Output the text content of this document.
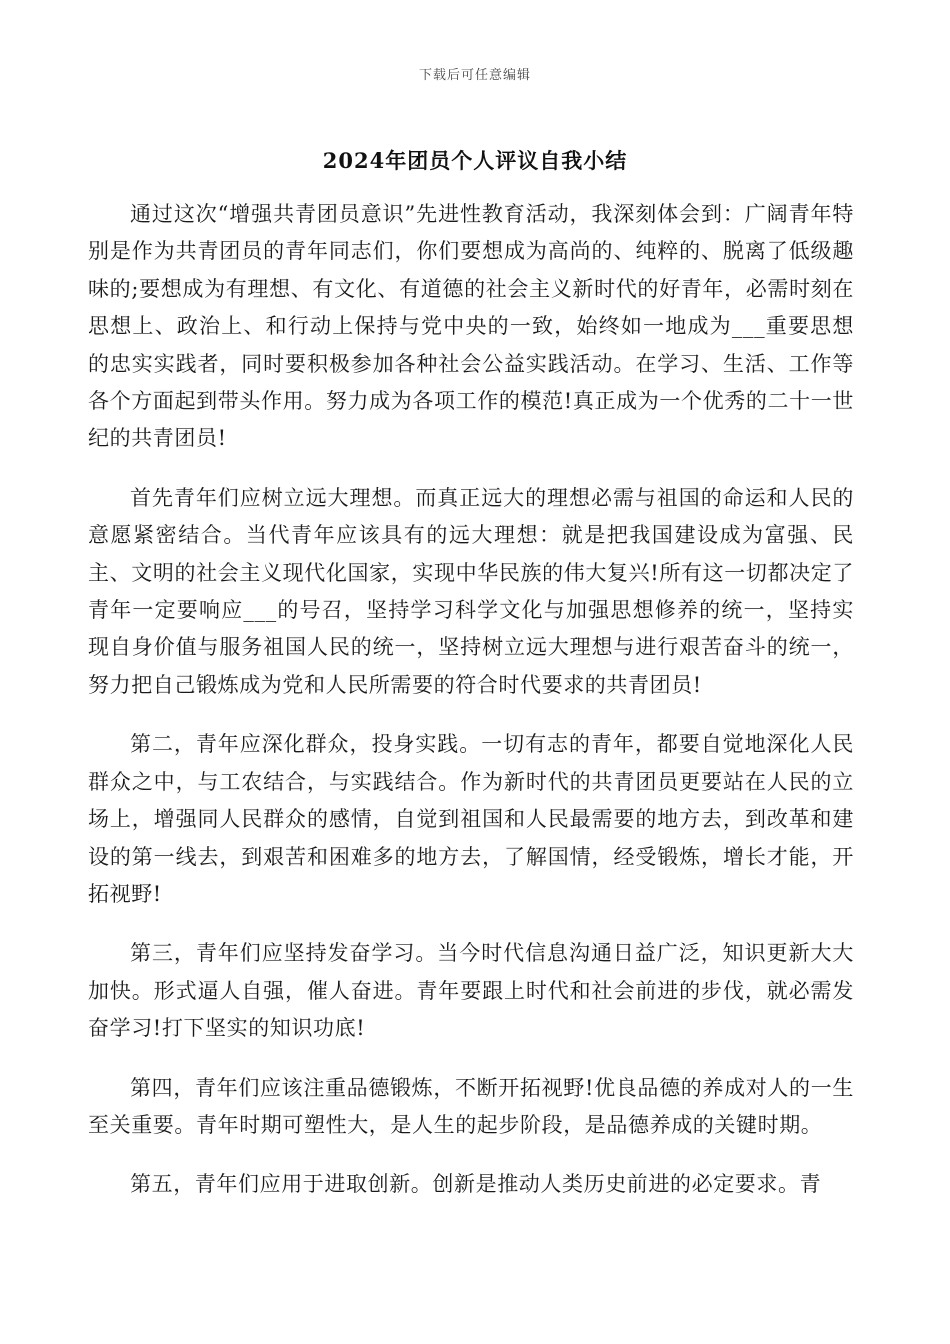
下载后可任意编辑
2024年团员个人评议自我小结

通过这次“增强共青团员意识”先进性教育活动，我深刻体会到：广阔青年特别是作为共青团员的青年同志们，你们要想成为高尚的、纯粹的、脱离了低级趣味的;要想成为有理想、有文化、有道德的社会主义新时代的好青年，必需时刻在思想上、政治上、和行动上保持与党中央的一致，始终如一地成为___重要思想的忠实实践者，同时要积极参加各种社会公益实践活动。在学习、生活、工作等各个方面起到带头作用。努力成为各项工作的模范!真正成为一个优秀的二十一世纪的共青团员!

首先青年们应树立远大理想。而真正远大的理想必需与祖国的命运和人民的意愿紧密结合。当代青年应该具有的远大理想：就是把我国建设成为富强、民主、文明的社会主义现代化国家，实现中华民族的伟大复兴!所有这一切都决定了青年一定要响应___的号召，坚持学习科学文化与加强思想修养的统一，坚持实现自身价值与服务祖国人民的统一，坚持树立远大理想与进行艰苦奋斗的统一，努力把自己锻炼成为党和人民所需要的符合时代要求的共青团员!

第二，青年应深化群众，投身实践。一切有志的青年，都要自觉地深化人民群众之中，与工农结合，与实践结合。作为新时代的共青团员更要站在人民的立场上，增强同人民群众的感情，自觉到祖国和人民最需要的地方去，到改革和建设的第一线去，到艰苦和困难多的地方去，了解国情，经受锻炼，增长才能，开拓视野!

第三，青年们应坚持发奋学习。当今时代信息沟通日益广泛，知识更新大大加快。形式逼人自强，催人奋进。青年要跟上时代和社会前进的步伐，就必需发奋学习!打下坚实的知识功底!

第四，青年们应该注重品德锻炼，不断开拓视野!优良品德的养成对人的一生至关重要。青年时期可塑性大，是人生的起步阶段，是品德养成的关键时期。

第五，青年们应用于进取创新。创新是推动人类历史前进的必定要求。青
